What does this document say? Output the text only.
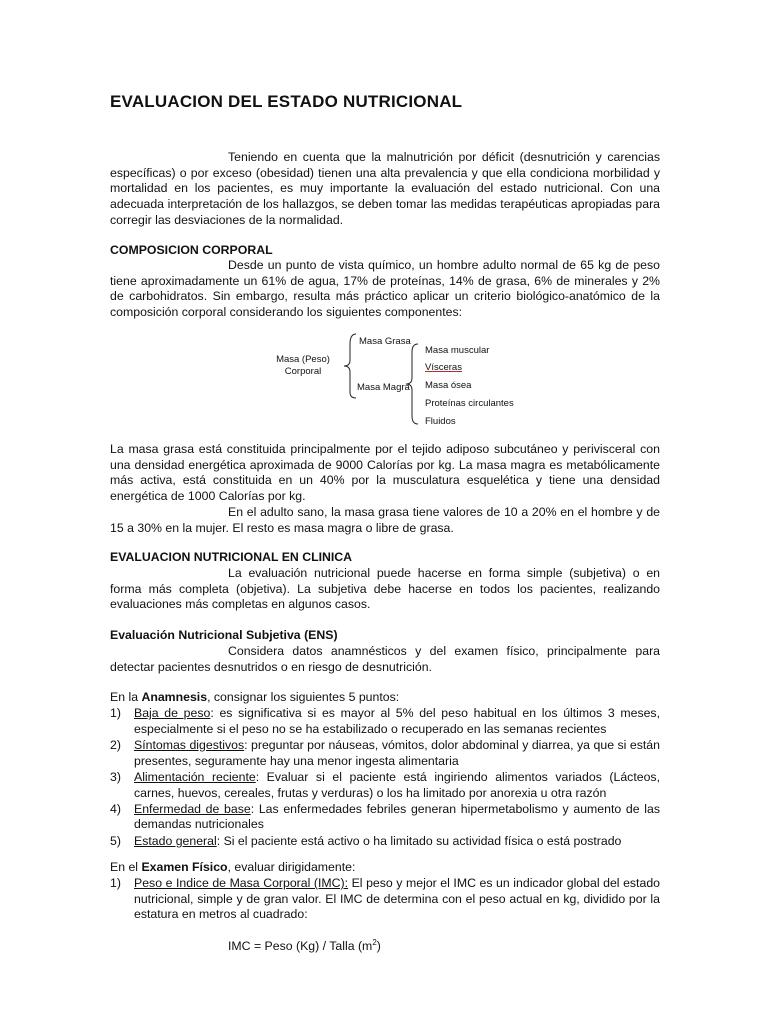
EVALUACION DEL ESTADO NUTRICIONAL

Teniendo en cuenta que la malnutrición por déficit (desnutrición y carencias específicas) o por exceso (obesidad) tienen una alta prevalencia y que ella condiciona morbilidad y mortalidad en los pacientes, es muy importante la evaluación del estado nutricional. Con una adecuada interpretación de los hallazgos, se deben tomar las medidas terapéuticas apropiadas para corregir las desviaciones de la normalidad.

COMPOSICION CORPORAL

Desde un punto de vista químico, un hombre adulto normal de 65 kg de peso tiene aproximadamente un 61% de agua, 17% de proteínas, 14% de grasa, 6% de minerales y 2% de carbohidratos. Sin embargo, resulta más práctico aplicar un criterio biológico-anatómico de la composición corporal considerando los siguientes componentes:

Masa (Peso)
Corporal
Masa Grasa
Masa Magra
Masa muscular
Vísceras
Masa ósea
Proteínas circulantes
Fluidos

La masa grasa está constituida principalmente por el tejido adiposo subcutáneo y perivisceral con una densidad energética aproximada de 9000 Calorías por kg. La masa magra es metabólicamente más activa, está constituida en un 40% por la musculatura esquelética y tiene una densidad energética de 1000 Calorías por kg.

En el adulto sano, la masa grasa tiene valores de 10 a 20% en el hombre y de 15 a 30% en la mujer. El resto es masa magra o libre de grasa.

EVALUACION NUTRICIONAL EN CLINICA

La evaluación nutricional puede hacerse en forma simple (subjetiva) o en forma más completa (objetiva). La subjetiva debe hacerse en todos los pacientes, realizando evaluaciones más completas en algunos casos.

Evaluación Nutricional Subjetiva (ENS)

Considera datos anamnésticos y del examen físico, principalmente para detectar pacientes desnutridos o en riesgo de desnutrición.

En la Anamnesis, consignar los siguientes 5 puntos:

1) Baja de peso: es significativa si es mayor al 5% del peso habitual en los últimos 3 meses, especialmente si el peso no se ha estabilizado o recuperado en las semanas recientes
2) Síntomas digestivos: preguntar por náuseas, vómitos, dolor abdominal y diarrea, ya que si están presentes, seguramente hay una menor ingesta alimentaria
3) Alimentación reciente: Evaluar si el paciente está ingiriendo alimentos variados (Lácteos, carnes, huevos, cereales, frutas y verduras) o los ha limitado por anorexia u otra razón
4) Enfermedad de base: Las enfermedades febriles generan hipermetabolismo y aumento de las demandas nutricionales
5) Estado general: Si el paciente está activo o ha limitado su actividad física o está postrado

En el Examen Físico, evaluar dirigidamente:

1) Peso e Indice de Masa Corporal (IMC): El peso y mejor el IMC es un indicador global del estado nutricional, simple y de gran valor. El IMC de determina con el peso actual en kg, dividido por la estatura en metros al cuadrado:
IMC = Peso (Kg) / Talla $(m^2)$
